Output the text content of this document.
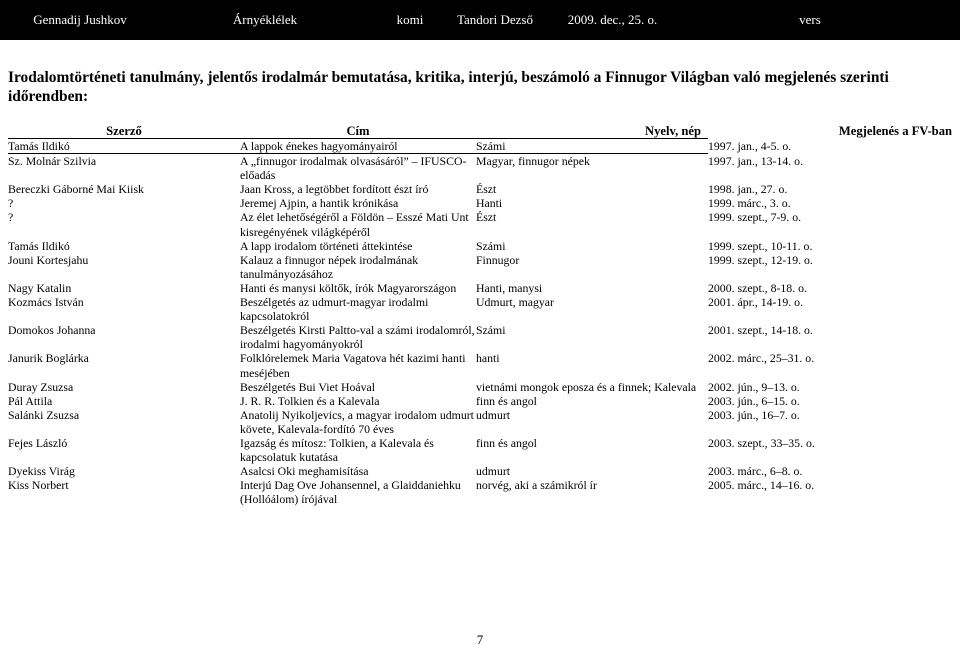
Gennadij Jushkov	Árnyéklélek	komi	Tandori Dezső	2009. dec., 25. o.	vers
Irodalomtörténeti tanulmány, jelentős irodalmár bemutatása, kritika, interjú, beszámoló a Finnugor Világban való megjelenés szerinti időrendben:
Szerző	Cím	Nyelv, nép	Megjelenés a FV-ban
Tamás Ildikó	A lappok énekes hagyományairól	Számi	1997. jan., 4-5. o.
Sz. Molnár Szilvia	A „finnugor irodalmak olvasásáról” – IFUSCO-előadás	Magyar, finnugor népek	1997. jan., 13-14. o.
Bereczki Gáborné Mai Kiisk	Jaan Kross, a legtöbbet fordított észt író	Észt	1998. jan., 27. o.
?	Jeremej Ajpin, a hantik krónikása	Hanti	1999. márc., 3. o.
?	Az élet lehetőségéről a Földön – Esszé Mati Unt kisregényének világképéről	Észt	1999. szept., 7-9. o.
Tamás Ildikó	A lapp irodalom történeti áttekintése	Számi	1999. szept., 10-11. o.
Jouni Kortesjahu	Kalauz a finnugor népek irodalmának tanulmányozásához	Finnugor	1999. szept., 12-19. o.
Nagy Katalin	Hanti és manysi költők, írók Magyarországon	Hanti, manysi	2000. szept., 8-18. o.
Kozmács István	Beszélgetés az udmurt-magyar irodalmi kapcsolatokról	Udmurt, magyar	2001. ápr., 14-19. o.
Domokos Johanna	Beszélgetés Kirsti Paltto-val a számi irodalomról, irodalmi hagyományokról	Számi	2001. szept., 14-18. o.
Janurik Boglárka	Folklórelemek Maria Vagatova hét kazimi hanti meséjében	hanti	2002. márc., 25–31. o.
Duray Zsuzsa	Beszélgetés Bui Viet Hoával	vietnámi mongok eposza és a finnek; Kalevala	2002. jún., 9–13. o.
Pál Attila	J. R. R. Tolkien és a Kalevala	finn és angol	2003. jún., 6–15. o.
Salánki Zsuzsa	Anatolij Nyikoljevics, a magyar irodalom udmurt követe, Kalevala-fordító 70 éves	udmurt	2003. jún., 16–7. o.
Fejes László	Igazság és mítosz: Tolkien, a Kalevala és kapcsolatuk kutatása	finn és angol	2003. szept., 33–35. o.
Dyekiss Virág	Asalcsi Oki meghamisítása	udmurt	2003. márc., 6–8. o.
Kiss Norbert	Interjú Dag Ove Johansennel, a Glaiddaniehku (Hollóálom) írójával	norvég, aki a számikról ír	2005. márc., 14–16. o.
7
